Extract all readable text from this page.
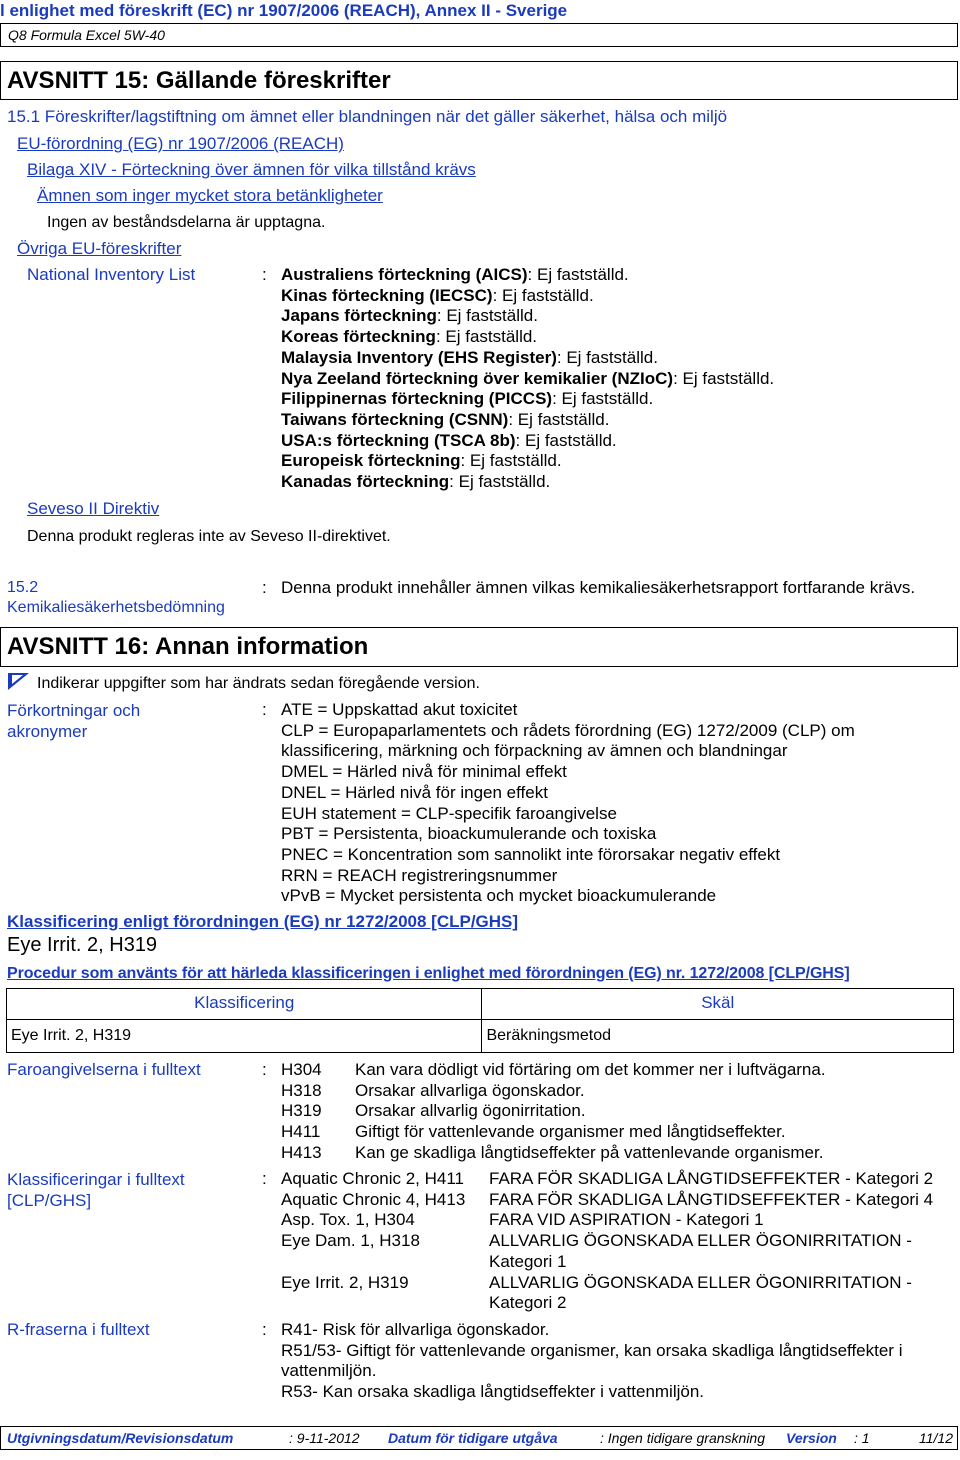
l enlighet med föreskrift (EC) nr 1907/2006 (REACH), Annex II - Sverige
Q8 Formula Excel 5W-40
AVSNITT 15: Gällande föreskrifter
15.1 Föreskrifter/lagstiftning om ämnet eller blandningen när det gäller säkerhet, hälsa och miljö
EU-förordning (EG) nr 1907/2006 (REACH)
Bilaga XIV - Förteckning över ämnen för vilka tillstånd krävs
Ämnen som inger mycket stora betänkligheter
Ingen av beståndsdelarna är upptagna.
Övriga EU-föreskrifter
National Inventory List	: Australiens förteckning (AICS): Ej fastställd.
Kinas förteckning (IECSC): Ej fastställd.
Japans förteckning: Ej fastställd.
Koreas förteckning: Ej fastställd.
Malaysia Inventory (EHS Register): Ej fastställd.
Nya Zeeland förteckning över kemikalier (NZIoC): Ej fastställd.
Filippinernas förteckning (PICCS): Ej fastställd.
Taiwans förteckning (CSNN): Ej fastställd.
USA:s förteckning (TSCA 8b): Ej fastställd.
Europeisk förteckning: Ej fastställd.
Kanadas förteckning: Ej fastställd.
Seveso II Direktiv
Denna produkt regleras inte av Seveso II-direktivet.
15.2
Kemikaliesäkerhetsbedömning
: Denna produkt innehåller ämnen vilkas kemikaliesäkerhetsrapport fortfarande krävs.
AVSNITT 16: Annan information
Indikerar uppgifter som har ändrats sedan föregående version.
Förkortningar och
akronymer
: ATE = Uppskattad akut toxicitet
CLP = Europaparlamentets och rådets förordning (EG) 1272/2009 (CLP) om
klassificering, märkning och förpackning av ämnen och blandningar
DMEL = Härled nivå för minimal effekt
DNEL = Härled nivå för ingen effekt
EUH statement = CLP-specifik faroangivelse
PBT = Persistenta, bioackumulerande och toxiska
PNEC = Koncentration som sannolikt inte förorsakar negativ effekt
RRN = REACH registreringsnummer
vPvB = Mycket persistenta och mycket bioackumulerande
Klassificering enligt förordningen (EG) nr 1272/2008 [CLP/GHS]
Eye Irrit. 2, H319
Procedur som använts för att härleda klassificeringen i enlighet med förordningen (EG) nr. 1272/2008 [CLP/GHS]
Klassificering	Skäl
Eye Irrit. 2, H319	Beräkningsmetod
Faroangivelserna i fulltext	: H304 Kan vara dödligt vid förtäring om det kommer ner i luftvägarna.
H318 Orsakar allvarliga ögonskador.
H319 Orsakar allvarlig ögonirritation.
H411 Giftigt för vattenlevande organismer med långtidseffekter.
H413 Kan ge skadliga långtidseffekter på vattenlevande organismer.
Klassificeringar i fulltext
[CLP/GHS]
: Aquatic Chronic 2, H411 FARA FÖR SKADLIGA LÅNGTIDSEFFEKTER - Kategori 2
Aquatic Chronic 4, H413 FARA FÖR SKADLIGA LÅNGTIDSEFFEKTER - Kategori 4
Asp. Tox. 1, H304	FARA VID ASPIRATION - Kategori 1
Eye Dam. 1, H318	ALLVARLIG ÖGONSKADA ELLER ÖGONIRRITATION -
Kategori 1
Eye Irrit. 2, H319	ALLVARLIG ÖGONSKADA ELLER ÖGONIRRITATION -
Kategori 2
R-fraserna i fulltext	: R41- Risk för allvarliga ögonskador.
R51/53- Giftigt för vattenlevande organismer, kan orsaka skadliga långtidseffekter i
vattenmiljön.
R53- Kan orsaka skadliga långtidseffekter i vattenmiljön.
Utgivningsdatum/Revisionsdatum	: 9-11-2012 Datum för tidigare utgåva	: Ingen tidigare granskning Version : 1	11/12
